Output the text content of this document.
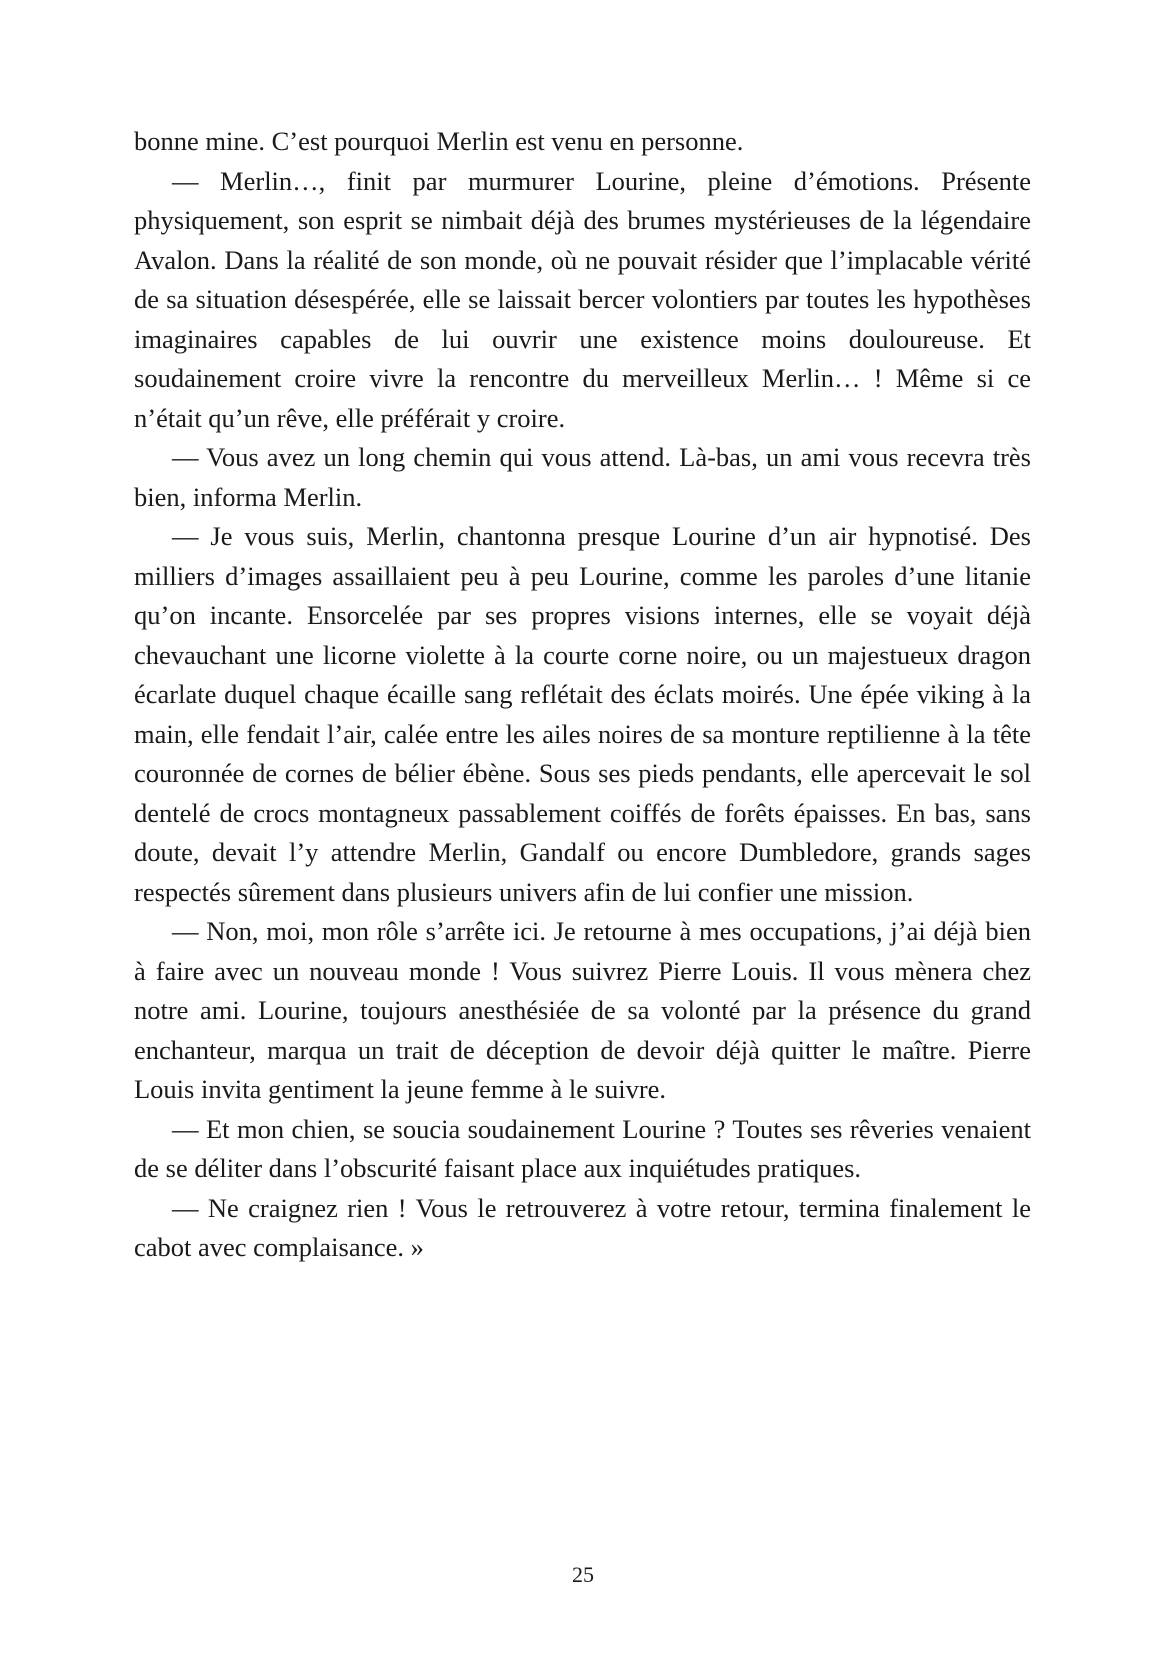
bonne mine. C’est pourquoi Merlin est venu en personne.

— Merlin…, finit par murmurer Lourine, pleine d’émotions. Présente physiquement, son esprit se nimbait déjà des brumes mystérieuses de la légendaire Avalon. Dans la réalité de son monde, où ne pouvait résider que l’implacable vérité de sa situation désespérée, elle se laissait bercer volontiers par toutes les hypothèses imaginaires capables de lui ouvrir une existence moins douloureuse. Et soudainement croire vivre la rencontre du merveilleux Merlin… ! Même si ce n’était qu’un rêve, elle préférait y croire.

— Vous avez un long chemin qui vous attend. Là-bas, un ami vous recevra très bien, informa Merlin.

— Je vous suis, Merlin, chantonna presque Lourine d’un air hypnotisé. Des milliers d’images assaillaient peu à peu Lourine, comme les paroles d’une litanie qu’on incante. Ensorcelée par ses propres visions internes, elle se voyait déjà chevauchant une licorne violette à la courte corne noire, ou un majestueux dragon écarlate duquel chaque écaille sang reflétait des éclats moirés. Une épée viking à la main, elle fendait l’air, calée entre les ailes noires de sa monture reptilienne à la tête couronnée de cornes de bélier ébène. Sous ses pieds pendants, elle apercevait le sol dentelé de crocs montagneux passablement coiffés de forêts épaisses. En bas, sans doute, devait l’y attendre Merlin, Gandalf ou encore Dumbledore, grands sages respectés sûrement dans plusieurs univers afin de lui confier une mission.

— Non, moi, mon rôle s’arrête ici. Je retourne à mes occupations, j’ai déjà bien à faire avec un nouveau monde ! Vous suivrez Pierre Louis. Il vous mènera chez notre ami. Lourine, toujours anesthésiée de sa volonté par la présence du grand enchanteur, marqua un trait de déception de devoir déjà quitter le maître. Pierre Louis invita gentiment la jeune femme à le suivre.

— Et mon chien, se soucia soudainement Lourine ? Toutes ses rêveries venaient de se déliter dans l’obscurité faisant place aux inquiétudes pratiques.

— Ne craignez rien ! Vous le retrouverez à votre retour, termina finalement le cabot avec complaisance. »

25
